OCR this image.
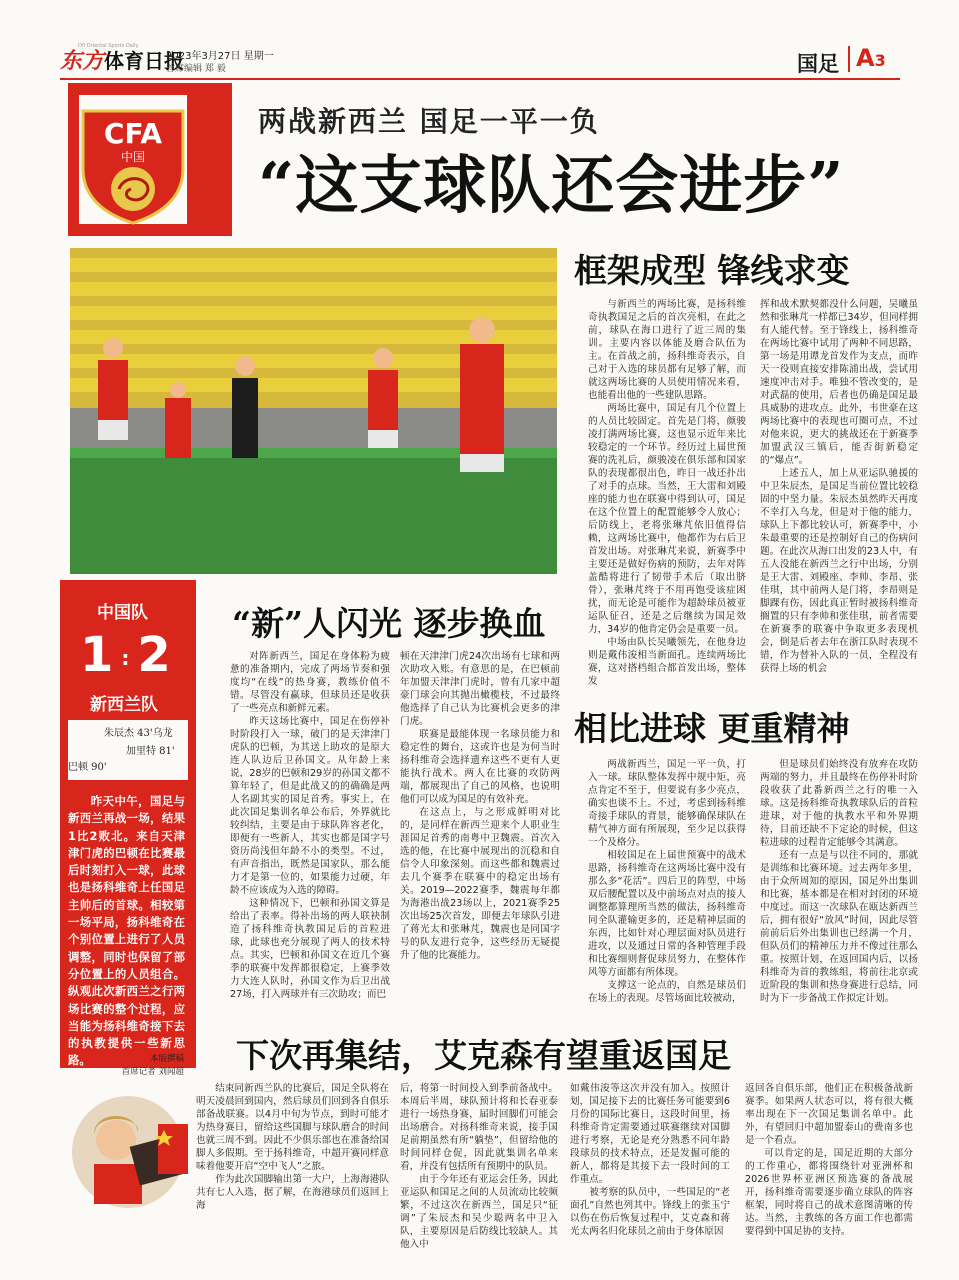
东方体育日报
Dfl Oriental Sports Daily
2023年3月27日 星期一
首席编辑 郑 毅	国足 A3
CFA
中国
两战新西兰 国足一平一负
“这支球队还会进步”
框架成型 锋线求变

与新西兰的两场比赛，是扬科维奇执教国足之后的首次亮相，在此之前，球队在海口进行了近三周的集训。主要内容以体能及磨合队伍为主。在首战之前，扬科维奇表示，自己对于入选的球员都有足够了解，而就这两场比赛的人员使用情况来看，也能看出他的一些建队思路。

两场比赛中，国足有几个位置上的人员比较固定。首先是门将，颜骏凌打满两场比赛，这也显示近年来比较稳定的一个环节。经历过上届世预赛的洗礼后，颜骏凌在俱乐部和国家队的表现都很出色，昨日一战还扑出了对手的点球。当然，王大雷和刘殿座的能力也在联赛中得到认可，国足在这个位置上的配置能够令人放心；后防线上，老将张琳芃依旧值得信赖，这两场比赛中，他都作为右后卫首发出场。对张琳芃来说，新赛季中主要还是做好伤病的预防，去年对阵盖酷将进行了韧带手术后（取出脐骨），张琳芃终于不用再饱受该症困扰，而无论是可能作为超龄球员被亚运队征召，还是之后继续为国足效力，34岁的他肯定仍会是重要一员。

中场由队长吴曦领先，在他身边则是戴伟浚相当新面孔。连续两场比赛，这对搭档组合都首发出场，整体发

挥和战术默契都没什么问题，吴曦虽然和张琳芃一样都已34岁，但同样拥有人能代替。至于锋线上，扬科维奇在两场比赛中试用了两种不同思路，第一场是用谭龙首发作为支点，而昨天一役则直接安排陈浦出战，尝试用速度冲击对手。唯独不管改变的，是对武磊的使用，后者也仍确是国足最具威胁的进攻点。此外，韦世豪在这两场比赛中的表现也可圈可点，不过对他来说，更大的挑战还在于新赛季加盟武汉三镇后，能否街新稳定的“爆点”。

上述五人，加上从亚运队驰援的中卫朱辰杰，是国足当前位置比较稳固的中坚力量。朱辰杰虽然昨天再度不幸打入乌龙，但是对于他的能力，球队上下都比较认可，新赛季中，小朱最重要的还是控制好自己的伤病问题。在此次从海口出发的23人中，有五人没能在新西兰之行中出场，分别是王大雷、刘殿座、李帅、李昂、张佳琪，其中前两人是门将，李昂则是脚踝有伤，因此真正暂时被扬科维奇搁置的只有李帅和张佳琪，前者需要在新赛季的联赛中争取更多表现机会，倒是后者去年在浙江队时表现不错，作为替补入队的一员，全程没有获得上场的机会

中国队
1 : 2
新西兰队
朱辰杰 43'乌龙
加里特 81'
巴顿 90'

昨天中午，国足与新西兰再战一场，结果1比2败北。来自天津津门虎的巴顿在比赛最后时刻打入一球，此球也是扬科维奇上任国足主帅后的首球。相较第一场平局，扬科维奇在个别位置上进行了人员调整，同时也保留了部分位置上的人员组合。纵观此次新西兰之行两场比赛的整个过程，应当能为扬科维奇接下去的执教提供一些新思路。	本版撰稿
首席记者 刘闻超
“新”人闪光 逐步换血

对阵新西兰，国足在身体粉为疲惫的准备期内，完成了两场节奏和强度均“在线”的热身赛，教练价值不错。尽管没有赢球，但球员还是收获了一些亮点和新鲜元素。

昨天这场比赛中，国足在伤停补时阶段打入一球，破门的是天津津门虎队的巴顿，为其送上助攻的是原大连人队边后卫孙国文。从年龄上来说，28岁的巴顿和29岁的孙国文都不算年轻了，但是此战又的的确确是两人名副其实的国足首秀。事实上，在此次国足集训名单公布后，外界就比较纠结，主要是由于球队阵容老化，即便有一些新人，其实也都是国字号资历尚浅但年龄不小的类型。不过，有声音指出，既然是国家队，那么能力才是第一位的，如果能力过硬，年龄不应该成为入选的障碍。

这种情况下，巴顿和孙国文算是给出了表率。得补出场的两人联袂制造了扬科维奇执教国足后的首粒进球，此球也充分展现了两人的技术特点。其实，巴顿和孙国文在近几个赛季的联赛中发挥都很稳定，上赛季效力大连人队时，孙国文作为后卫出战27场，打入两球并有三次助攻；而巴

顿在天津津门虎24次出场有七球和两次助攻入账。有意思的是，在巴顿前年加盟天津津门虎时，曾有几家中超豪门球会向其抛出橄榄枝，不过最终他选择了自己认为比赛机会更多的津门虎。

联赛是最能体现一名球员能力和稳定性的舞台，这或许也是为何当时扬科维奇会选择遗弃这些不更有人更能执行战术。两人在比赛的攻防两端，都展现出了自己的风格，也说明他们可以成为国足的有效补充。

在这点上，与之形成鲜明对比的，是同样在新西兰迎来个人职业生涯国足首秀的南粤中卫魏震。首次入选的他，在比赛中展现出的沉稳和自信令人印象深刻。而这些都和魏震过去几个赛季在联赛中的稳定出场有关。2019—2022赛季，魏震每年都为海港出战23场以上，2021赛季25次出场25次首发，即便去年球队引进了蒋光太和张琳芃，魏震也是同国字号的队友进行竞争，这些经历无疑提升了他的比赛能力。

相比进球 更重精神

两战新西兰，国足一平一负，打入一球。球队整体发挥中规中矩，亮点肯定不至于，但要说有多少亮点，确实也谈不上。不过，考虑到扬科维奇接手球队的背景，能够确保球队在精气神方面有所展现，至少足以获得一个及格分。

相较国足在上届世预赛中的战术思路，扬科维奇在这两场比赛中没有那么多“花活”。四后卫的阵型，中场双后腰配置以及中前场点对点的接人调整都算理所当然的做法，扬科维奇同全队灌输更多的，还是精神层面的东西，比如针对心理层面对队员进行进攻，以及通过日常的各种管理手段和比赛细则督促球员努力，在整体作风等方面都有所体现。

支撑这一论点的，自然是球员们在场上的表现。尽管场面比较被动，

但是球员们始终没有放弃在攻防两端的努力，并且最终在伤停补时阶段收获了此番新西兰之行的唯一入球。这是扬科维奇执教球队后的首粒进球，对于他的执教水平和外界期待，目前还缺不下定论的时候，但这粒进球的过程肯定能够令其满意。

还有一点是与以往不同的，那就是训练和比赛环境。过去两年多里，由于众所周知的原因，国足外出集训和比赛，基本都是在相对封闭的环境中度过。而这一次球队在瓯达新西兰后，拥有很好“放风”时间，因此尽管前前后后外出集训也已经满一个月，但队员们的精神压力并不像过往那么重。按照计划，在返回国内后，以扬科维奇为首的教练组，将前往北京或近阶段的集训和热身赛进行总结，同时为下一步备战工作拟定计划。

下次再集结，艾克森有望重返国足

结束同新西兰队的比赛后，国足全队将在明天凌晨回到国内，然后球员们回到各自俱乐部备战联赛。以4月中旬为节点，到时可能才为热身赛日，留给这些国脚与球队磨合的时间也就三周不到。因此不少俱乐部也在准备给国脚人多假期。至于扬科维奇，中超开赛同样意味着他要开启“空中飞人”之旅。

作为此次国脚输出第一大户，上海海港队共有七人入选，据了解，在海港球员们返回上海

后，将第一时间投入到季前备战中。本周后半周，球队预计将和长春亚泰进行一场热身赛，届时回脚们可能会出场磨合。对扬科维奇来说，接手国足前期虽然有所“躺垫”，但留给他的时间同样仓促，因此就集训名单来看，并没有包括所有预期中的队员。

由于今年还有亚运会任务，因此亚运队和国足之间的人员流动比较频繁，不过这次在新西兰，国足只“征调”了朱辰杰和吴少聪两名中卫入队，主要原因是后防线比较缺人。其他入中

如戴伟浚等这次并没有加入。按照计划，国足接下去的比赛任务可能要到6月份的国际比赛日，这段时间里，扬科维奇肯定需要通过联赛继续对国脚进行考察，无论是充分熟悉不同年龄段球员的技术特点，还是发掘可能的新人，都将是其接下去一段时间的工作重点。

被考察的队员中，一些国足的“老面孔”自然也列其中。锋线上的张玉宁以伤在伤后恢复过程中，艾克森和蒋光太两名归化球员之前由于身体原因

返回各自俱乐部，他们正在积极备战新赛季。如果两人状态可以，将有很大概率出现在下一次国足集训名单中。此外，有望回归中超加盟泰山的费南多也是一个看点。

可以肯定的是，国足近期的大部分的工作重心，都将围绕针对亚洲杯和2026世界杯亚洲区预选赛的备战展开，扬科维奇需要逐步确立球队的阵容框架，同时将自己的战术意图清晰的传达。当然，主教练的各方面工作也都需要得到中国足协的支持。
